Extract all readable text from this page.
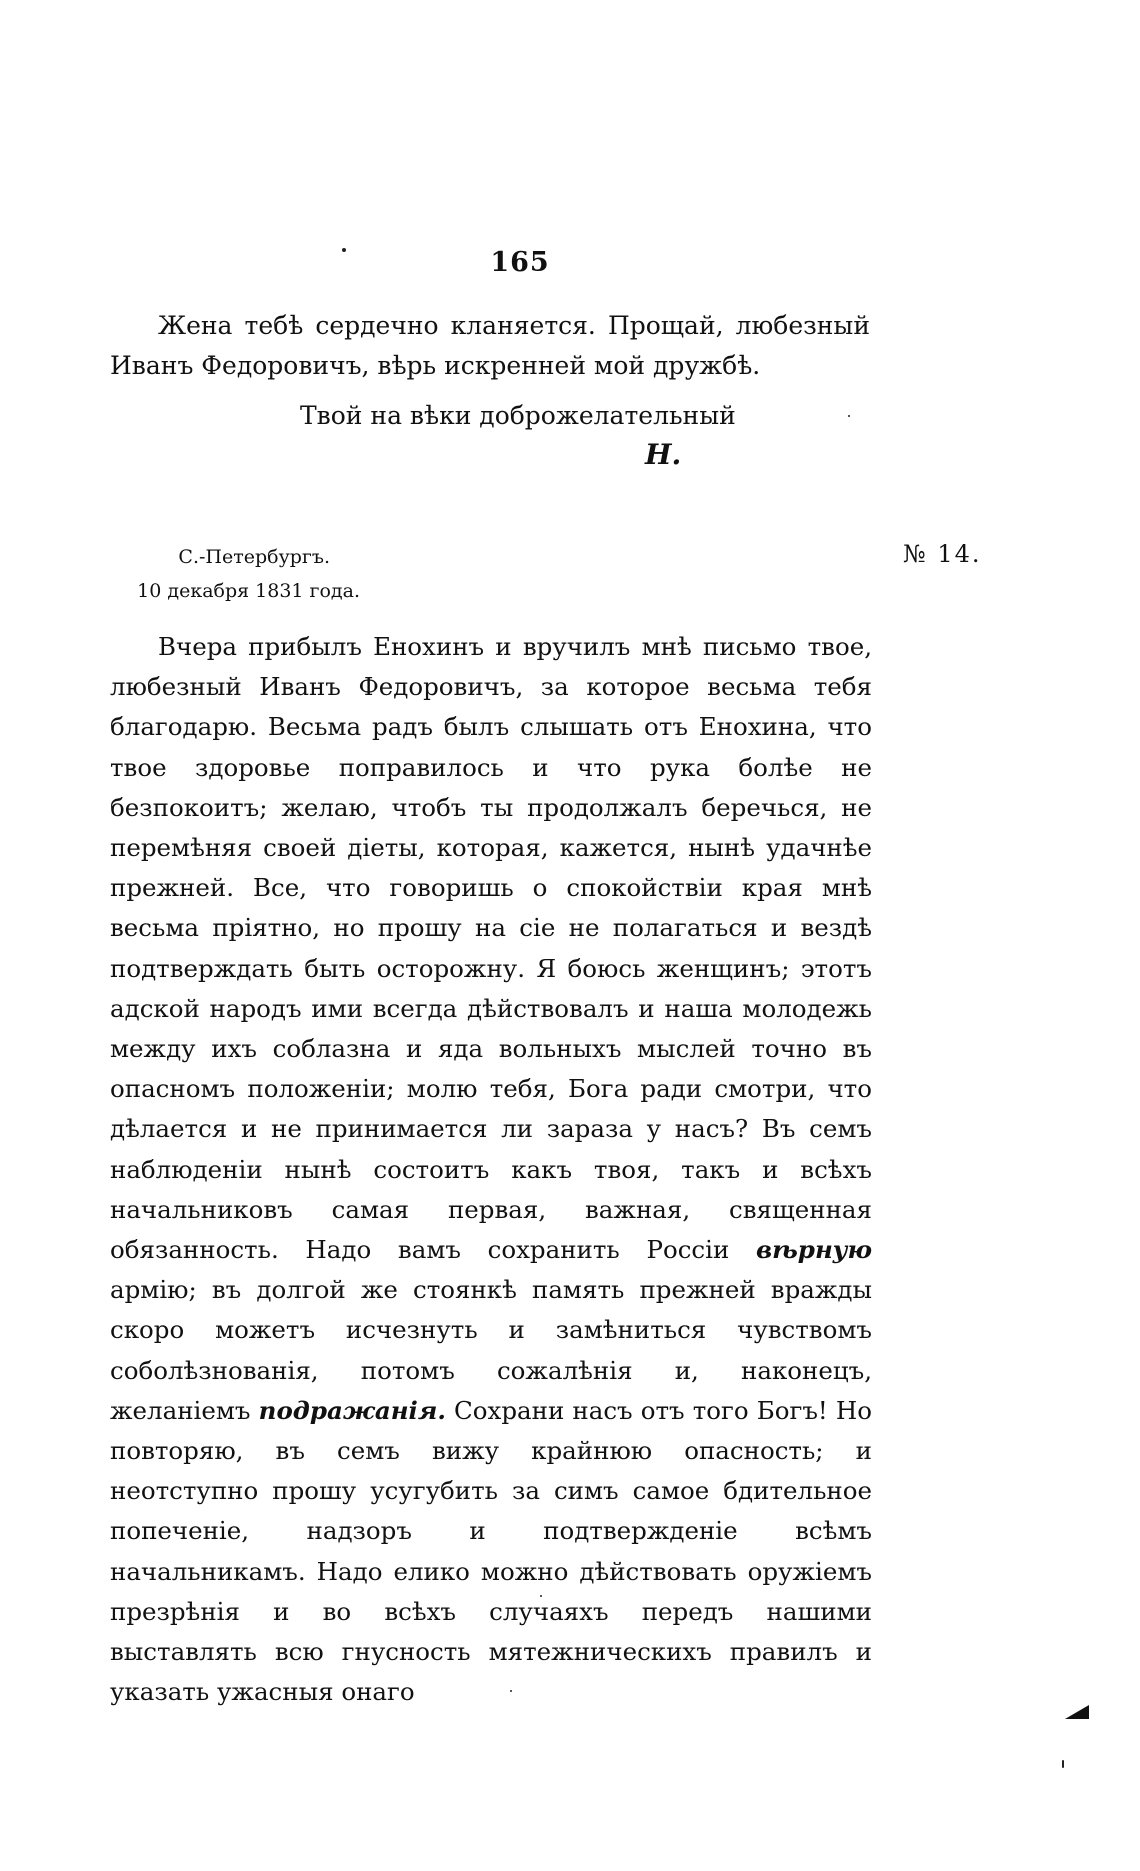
165

Жена тебѣ сердечно кланяется. Прощай, любезный Иванъ Федоровичъ, вѣрь искренней мой дружбѣ.

Твой на вѣки доброжелательный
Н.
С.-Петербургъ.
10 декабря 1831 года.
№ 14.

Вчера прибылъ Енохинъ и вручилъ мнѣ письмо твое, любезный Иванъ Федоровичъ, за которое весьма тебя благодарю. Весьма радъ былъ слышать отъ Енохина, что твое здоровье поправилось и что рука болѣе не безпокоитъ; желаю, чтобъ ты продолжалъ беречься, не перемѣняя своей дiеты, которая, кажется, нынѣ удачнѣе прежней. Все, что говоришь о спокойствiи края мнѣ весьма прiятно, но прошу на сiе не полагаться и вездѣ подтверждать быть осторожну. Я боюсь женщинъ; этотъ адской народъ ими всегда дѣйствовалъ и наша молодежь между ихъ соблазна и яда вольныхъ мыслей точно въ опасномъ положенiи; молю тебя, Бога ради смотри, что дѣлается и не принимается ли зараза у насъ? Въ семъ наблюденiи нынѣ состоитъ какъ твоя, такъ и всѣхъ начальниковъ самая первая, важная, священная обязанность. Надо вамъ сохранить Россiи вѣрную армiю; въ долгой же стоянкѣ память прежней вражды скоро можетъ исчезнуть и замѣниться чувствомъ соболѣзнованiя, потомъ сожалѣнiя и, наконецъ, желанiемъ подражанiя. Сохрани насъ отъ того Богъ! Но повторяю, въ семъ вижу крайнюю опасность; и неотступно прошу усугубить за симъ самое бдительное попеченiе, надзоръ и подтвержденiе всѣмъ начальникамъ. Надо елико можно дѣйствовать оружiемъ презрѣнiя и во всѣхъ случаяхъ передъ нашими выставлять всю гнусность мятежническихъ правилъ и указать ужасныя онаго
